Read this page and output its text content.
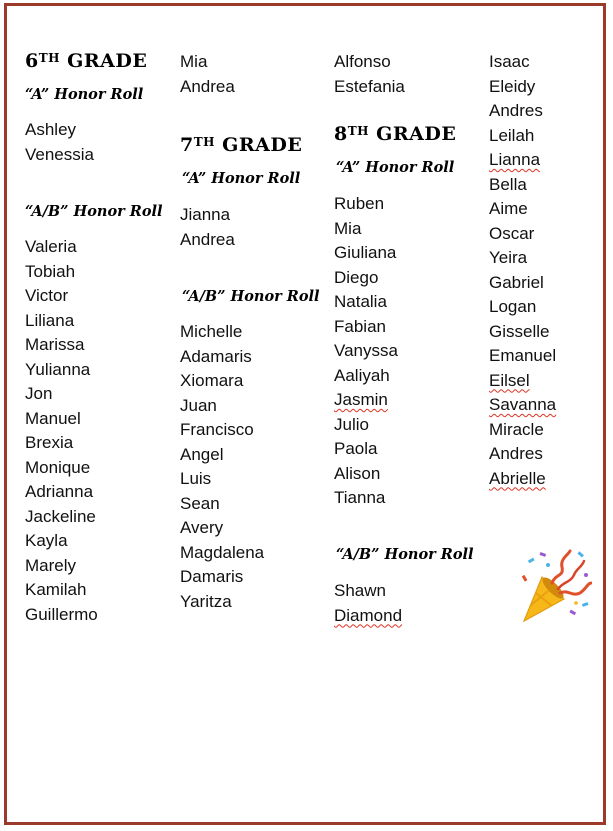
6TH GRADE
“A” Honor Roll
Ashley
Venessia
“A/B” Honor Roll
Valeria
Tobiah
Victor
Liliana
Marissa
Yulianna
Jon
Manuel
Brexia
Monique
Adrianna
Jackeline
Kayla
Marely
Kamilah
Guillermo
Mia
Andrea
7TH GRADE
“A” Honor Roll
Jianna
Andrea
“A/B” Honor Roll
Michelle
Adamaris
Xiomara
Juan
Francisco
Angel
Luis
Sean
Avery
Magdalena
Damaris
Yaritza
Alfonso
Estefania
8TH GRADE
“A” Honor Roll
Ruben
Mia
Giuliana
Diego
Natalia
Fabian
Vanyssa
Aaliyah
Jasmin
Julio
Paola
Alison
Tianna
“A/B” Honor Roll
Shawn
Diamond
Isaac
Eleidy
Andres
Leilah
Lianna
Bella
Aime
Oscar
Yeira
Gabriel
Logan
Gisselle
Emanuel
Eilsel
Savanna
Miracle
Andres
Abrielle
